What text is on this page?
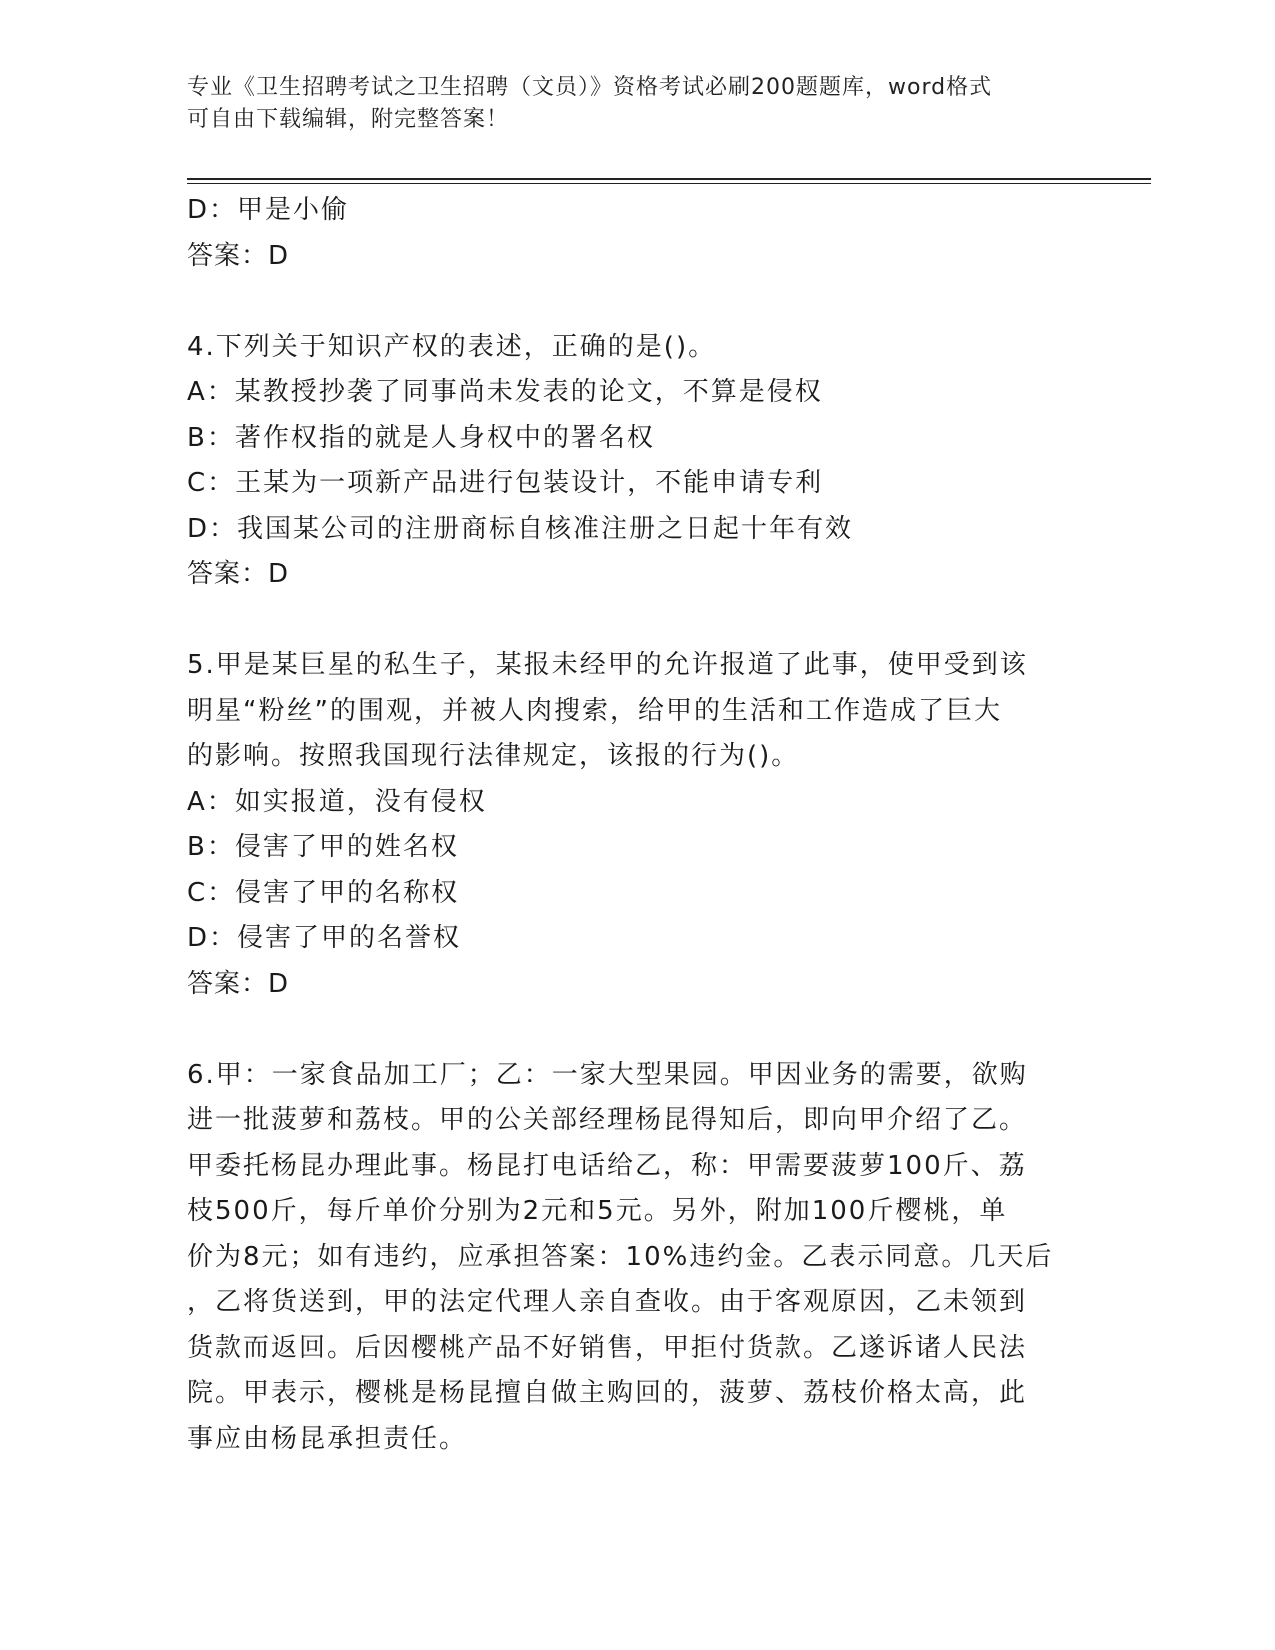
专业《卫生招聘考试之卫生招聘（文员）》资格考试必刷200题题库，word格式
可自由下载编辑，附完整答案！
D：甲是小偷
答案：D
4.下列关于知识产权的表述，正确的是()。
A：某教授抄袭了同事尚未发表的论文，不算是侵权
B：著作权指的就是人身权中的署名权
C：王某为一项新产品进行包装设计，不能申请专利
D：我国某公司的注册商标自核准注册之日起十年有效
答案：D
5.甲是某巨星的私生子，某报未经甲的允许报道了此事，使甲受到该
明星“粉丝”的围观，并被人肉搜索，给甲的生活和工作造成了巨大
的影响。按照我国现行法律规定，该报的行为()。
A：如实报道，没有侵权
B：侵害了甲的姓名权
C：侵害了甲的名称权
D：侵害了甲的名誉权
答案：D
6.甲：一家食品加工厂；乙：一家大型果园。甲因业务的需要，欲购
进一批菠萝和荔枝。甲的公关部经理杨昆得知后，即向甲介绍了乙。
甲委托杨昆办理此事。杨昆打电话给乙，称：甲需要菠萝100斤、荔
枝500斤，每斤单价分别为2元和5元。另外，附加100斤樱桃，单
价为8元；如有违约，应承担答案：10%违约金。乙表示同意。几天后
，乙将货送到，甲的法定代理人亲自查收。由于客观原因，乙未领到
货款而返回。后因樱桃产品不好销售，甲拒付货款。乙遂诉诸人民法
院。甲表示，樱桃是杨昆擅自做主购回的，菠萝、荔枝价格太高，此
事应由杨昆承担责任。
